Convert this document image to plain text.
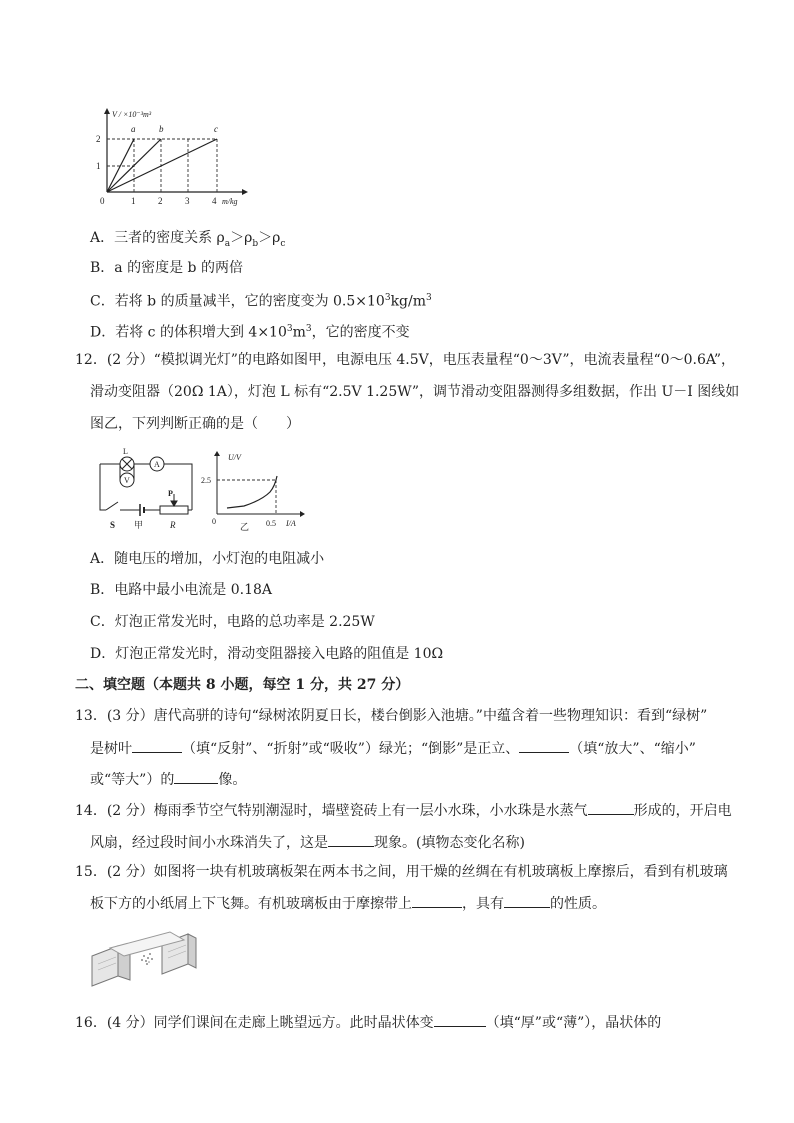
V / ×10⁻³m³
a	b	c
2
1
0	1	2	3	4 m/kg
A．三者的密度关系 $\rho_a>\rho_b>\rho_c$
B．a 的密度是 b 的两倍
C．若将 b 的质量减半，它的密度变为 $0.5\times 10^3kg/m^3$
D．若将 c 的体积增大到 $4\times 10^3m^3$，它的密度不变
12．(2 分）“模拟调光灯”的电路如图甲，电源电压 4.5V，电压表量程“0～3V”，电流表量程“0～0.6A”，
滑动变阻器（20Ω 1A），灯泡 L 标有“2.5V 1.25W”，调节滑动变阻器测得多组数据，作出 U－I 图线如
图乙，下列判断正确的是（　　）
L
V
A
P
S 甲	R
U/V
2.5
0	0.5 I/A
乙
A．随电压的增加，小灯泡的电阻减小
B．电路中最小电流是 0.18A
C．灯泡正常发光时，电路的总功率是 2.25W
D．灯泡正常发光时，滑动变阻器接入电路的阻值是 10Ω
二、填空题（本题共 8 小题，每空 1 分，共 27 分）
13．(3 分）唐代高骈的诗句“绿树浓阴夏日长，楼台倒影入池塘。”中蕴含着一些物理知识：看到“绿树”
是树叶	（填“反射”、“折射”或“吸收”）绿光；“倒影”是正立、	（填“放大”、“缩小”
或“等大”）的	像。
14．(2 分）梅雨季节空气特别潮湿时，墙壁瓷砖上有一层小水珠，小水珠是水蒸气	形成的，开启电
风扇，经过段时间小水珠消失了，这是	现象。(填物态变化名称)
15．(2 分）如图将一块有机玻璃板架在两本书之间，用干燥的丝绸在有机玻璃板上摩擦后，看到有机玻璃
板下方的小纸屑上下飞舞。有机玻璃板由于摩擦带上	，具有	的性质。
16．(4 分）同学们课间在走廊上眺望远方。此时晶状体变	（填“厚”或“薄”），晶状体的
